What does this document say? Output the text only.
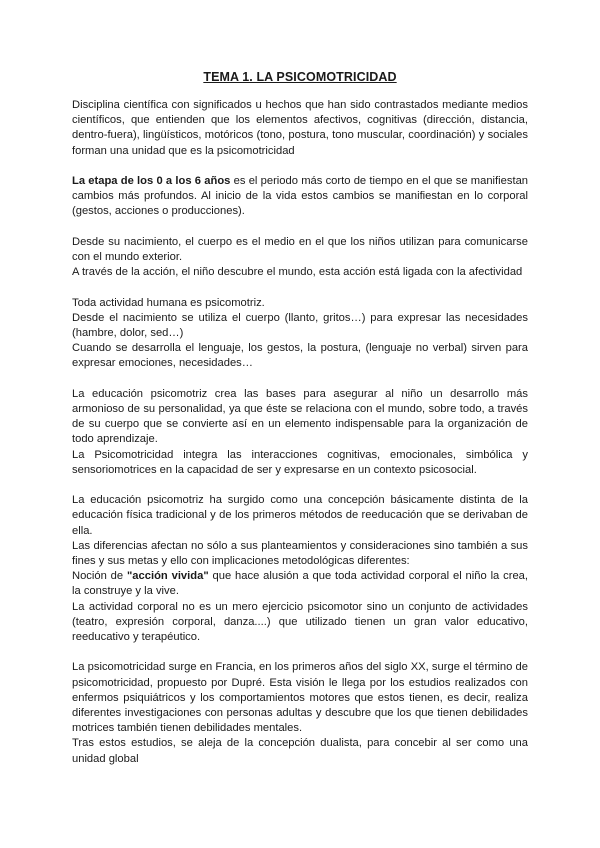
TEMA 1. LA PSICOMOTRICIDAD

Disciplina científica con significados u hechos que han sido contrastados mediante medios científicos, que entienden que los elementos afectivos, cognitivas (dirección, distancia, dentro-fuera), lingüísticos, motóricos (tono, postura, tono muscular, coordinación) y sociales forman una unidad que es la psicomotricidad

La etapa de los 0 a los 6 años es el periodo más corto de tiempo en el que se manifiestan cambios más profundos. Al inicio de la vida estos cambios se manifiestan en lo corporal (gestos, acciones o producciones).

Desde su nacimiento, el cuerpo es el medio en el que los niños utilizan para comunicarse con el mundo exterior.

A través de la acción, el niño descubre el mundo, esta acción está ligada con la afectividad

Toda actividad humana es psicomotriz.

Desde el nacimiento se utiliza el cuerpo (llanto, gritos…) para expresar las necesidades (hambre, dolor, sed…)

Cuando se desarrolla el lenguaje, los gestos, la postura, (lenguaje no verbal) sirven para expresar emociones, necesidades…

La educación psicomotriz crea las bases para asegurar al niño un desarrollo más armonioso de su personalidad, ya que éste se relaciona con el mundo, sobre todo, a través de su cuerpo que se convierte así en un elemento indispensable para la organización de todo aprendizaje.

La Psicomotricidad integra las interacciones cognitivas, emocionales, simbólica y sensoriomotrices en la capacidad de ser y expresarse en un contexto psicosocial.

La educación psicomotriz ha surgido como una concepción básicamente distinta de la educación física tradicional y de los primeros métodos de reeducación que se derivaban de ella.

Las diferencias afectan no sólo a sus planteamientos y consideraciones sino también a sus fines y sus metas y ello con implicaciones metodológicas diferentes:

Noción de "acción vivida" que hace alusión a que toda actividad corporal el niño la crea, la construye y la vive.

La actividad corporal no es un mero ejercicio psicomotor sino un conjunto de actividades (teatro, expresión corporal, danza....) que utilizado tienen un gran valor educativo, reeducativo y terapéutico.

La psicomotricidad surge en Francia, en los primeros años del siglo XX, surge el término de psicomotricidad, propuesto por Dupré. Esta visión le llega por los estudios realizados con enfermos psiquiátricos y los comportamientos motores que estos tienen, es decir, realiza diferentes investigaciones con personas adultas y descubre que los que tienen debilidades motrices también tienen debilidades mentales.

Tras estos estudios, se aleja de la concepción dualista, para concebir al ser como una unidad global
